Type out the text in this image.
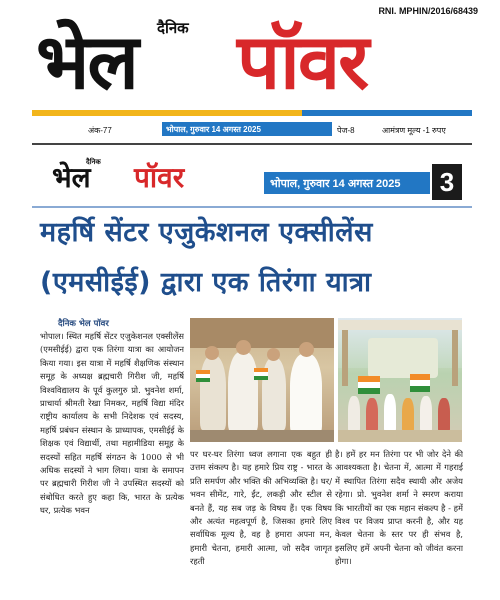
RNI. MPHIN/2016/68439
दैनिक
भेल पॉवर
अंक-77	भोपाल, गुरुवार 14 अगस्त 2025	पेज-8	आमंत्रण मूल्य -1 रुपए
दैनिक
भेल पॉवर	भोपाल, गुरुवार 14 अगस्त 2025	3
महर्षि सेंटर एजुकेशनल एक्सीलेंस
(एमसीईई) द्वारा एक तिरंगा यात्रा
दैनिक भेल पॉवर
भोपाल। स्थित महर्षि सेंटर एजुकेशनल एक्सीलेंस (एमसीईई) द्वारा एक तिरंगा यात्रा का आयोजन किया गया। इस यात्रा में महर्षि शैक्षणिक संस्थान समूह के अध्यक्ष ब्रह्मचारी गिरीश जी, महर्षि विश्वविद्यालय के पूर्व कुलगुरु प्रो. भुवनेश शर्मा, प्राचार्या श्रीमती रेखा निमकर, महर्षि विद्या मंदिर राष्ट्रीय कार्यालय के सभी निदेशक एवं सदस्य, महर्षि प्रबंधन संस्थान के प्राध्यापक, एमसीईई के शिक्षक एवं विद्यार्थी, तथा महामीडिया समूह के सदस्यों सहित महर्षि संगठन के 1000 से भी अधिक सदस्यों ने भाग लिया। यात्रा के समापन पर ब्रह्मचारी गिरीश जी ने उपस्थित सदस्यों को संबोधित करते हुए कहा कि, भारत के प्रत्येक घर, प्रत्येक भवन
पर घर-घर तिरंगा ध्वज लगाना एक बहुत ही उत्तम संकल्प है। यह हमारे प्रिय राष्ट्र - भारत के प्रति समर्पण और भक्ति की अभिव्यक्ति है। घर/भवन सीमेंट, गारे, ईंट, लकड़ी और स्टील से बनते हैं, यह सब जड़ के विषय हैं। एक विषय और अत्यंत महत्वपूर्ण है, जिसका हमारे लिए सर्वाधिक मूल्य है, वह है हमारा अपना मन, हमारी चेतना, हमारी आत्मा, जो सदैव जागृत रहती
है। हमें हर मन तिरंगा पर भी जोर देने की आवश्यकता है। चेतना में, आत्मा में गहराई में स्थापित तिरंगा सदैव स्थायी और अजेय रहेगा। प्रो. भुवनेश शर्मा ने स्मरण कराया कि भारतीयों का एक महान संकल्प है - हमें विश्व पर विजय प्राप्त करनी है, और यह केवल चेतना के स्तर पर ही संभव है, इसलिए हमें अपनी चेतना को जीवंत करना होगा।
